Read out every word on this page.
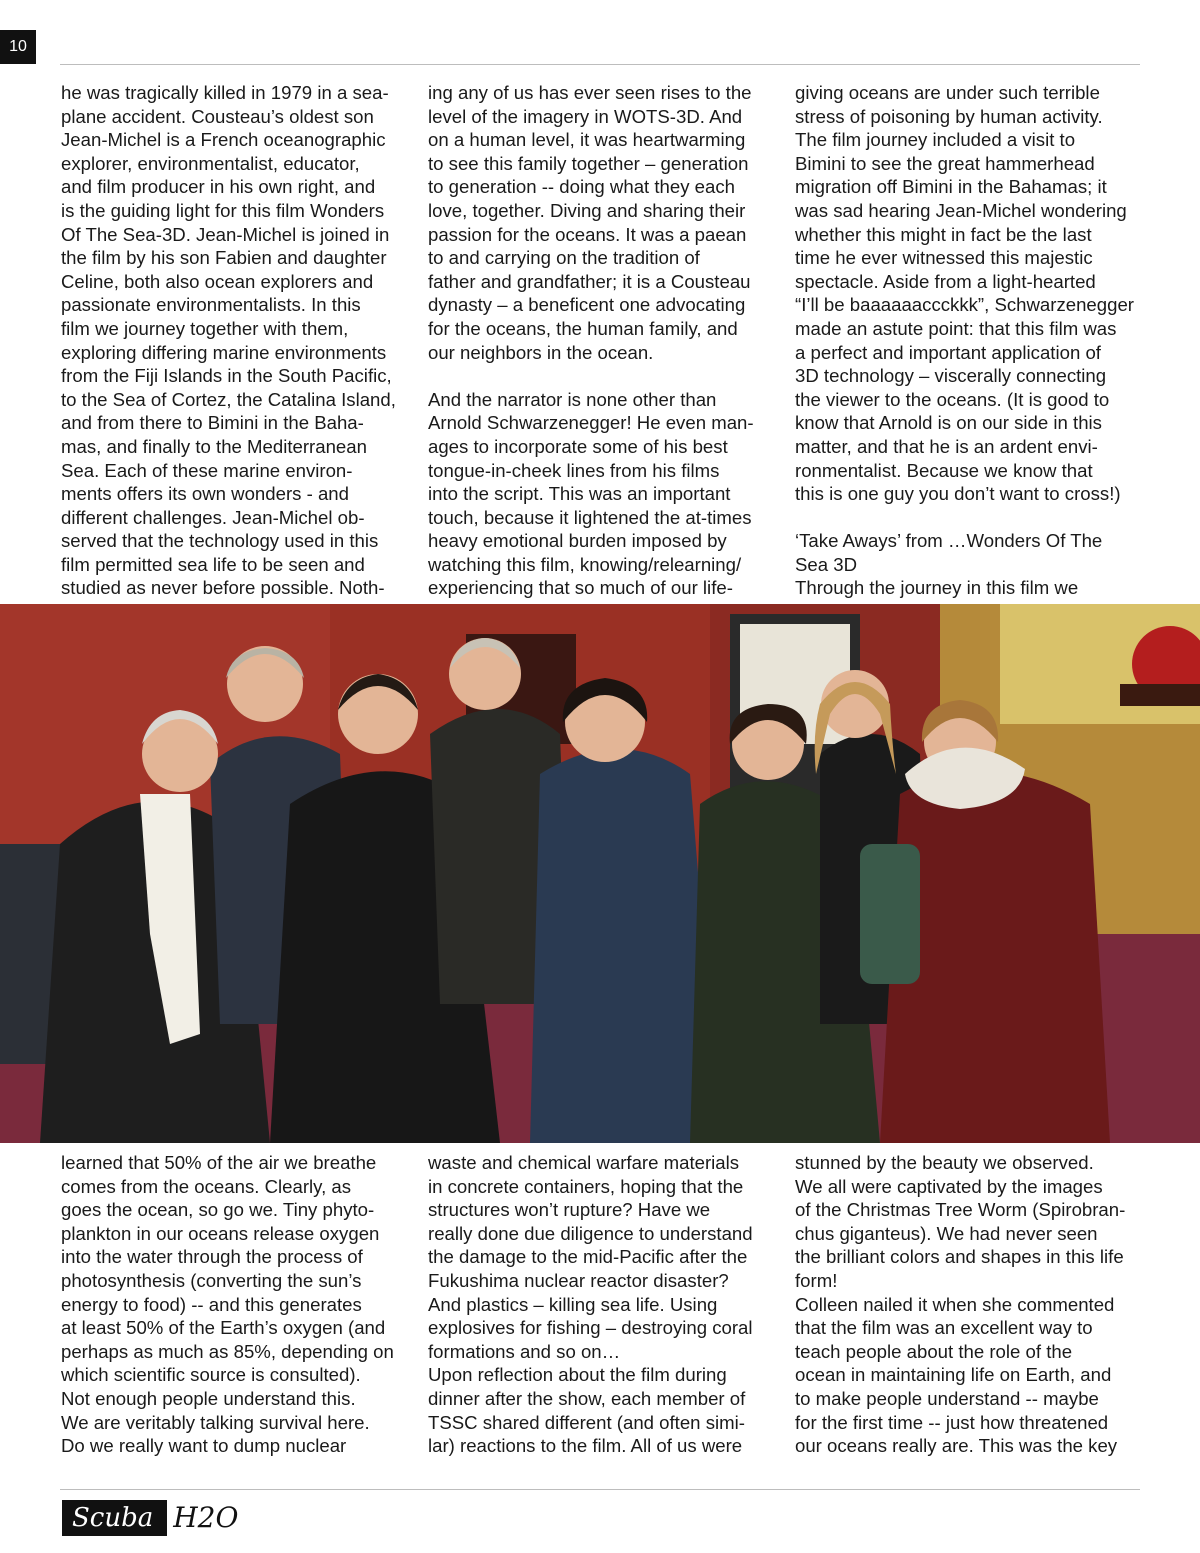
10
he was tragically killed in 1979 in a sea-
plane accident. Cousteau’s oldest son
Jean-Michel is a French oceanographic
explorer, environmentalist, educator,
and film producer in his own right, and
is the guiding light for this film Wonders
Of The Sea-3D. Jean-Michel is joined in
the film by his son Fabien and daughter
Celine, both also ocean explorers and
passionate environmentalists. In this
film we journey together with them,
exploring differing marine environments
from the Fiji Islands in the South Pacific,
to the Sea of Cortez, the Catalina Island,
and from there to Bimini in the Baha-
mas, and finally to the Mediterranean
Sea. Each of these marine environ-
ments offers its own wonders - and
different challenges. Jean-Michel ob-
served that the technology used in this
film permitted sea life to be seen and
studied as never before possible. Noth-
ing any of us has ever seen rises to the
level of the imagery in WOTS-3D. And
on a human level, it was heartwarming
to see this family together – generation
to generation -- doing what they each
love, together. Diving and sharing their
passion for the oceans. It was a paean
to and carrying on the tradition of
father and grandfather; it is a Cousteau
dynasty – a beneficent one advocating
for the oceans, the human family, and
our neighbors in the ocean.

And the narrator is none other than
Arnold Schwarzenegger! He even man-
ages to incorporate some of his best
tongue-in-cheek lines from his films
into the script. This was an important
touch, because it lightened the at-times
heavy emotional burden imposed by
watching this film, knowing/relearning/
experiencing that so much of our life-
giving oceans are under such terrible
stress of poisoning by human activity.
The film journey included a visit to
Bimini to see the great hammerhead
migration off Bimini in the Bahamas; it
was sad hearing Jean-Michel wondering
whether this might in fact be the last
time he ever witnessed this majestic
spectacle. Aside from a light-hearted
“I’ll be baaaaaaccckkk”, Schwarzenegger
made an astute point: that this film was
a perfect and important application of
3D technology – viscerally connecting
the viewer to the oceans. (It is good to
know that Arnold is on our side in this
matter, and that he is an ardent envi-
ronmentalist. Because we know that
this is one guy you don’t want to cross!)

‘Take Aways’ from …Wonders Of The
Sea 3D
Through the journey in this film we
learned that 50% of the air we breathe
comes from the oceans. Clearly, as
goes the ocean, so go we. Tiny phyto-
plankton in our oceans release oxygen
into the water through the process of
photosynthesis (converting the sun’s
energy to food) -- and this generates
at least 50% of the Earth’s oxygen (and
perhaps as much as 85%, depending on
which scientific source is consulted).
Not enough people understand this.
We are veritably talking survival here.
Do we really want to dump nuclear
waste and chemical warfare materials
in concrete containers, hoping that the
structures won’t rupture? Have we
really done due diligence to understand
the damage to the mid-Pacific after the
Fukushima nuclear reactor disaster?
And plastics – killing sea life. Using
explosives for fishing – destroying coral
formations and so on…
Upon reflection about the film during
dinner after the show, each member of
TSSC shared different (and often simi-
lar) reactions to the film. All of us were
stunned by the beauty we observed.
We all were captivated by the images
of the Christmas Tree Worm (Spirobran-
chus giganteus). We had never seen
the brilliant colors and shapes in this life
form!
Colleen nailed it when she commented
that the film was an excellent way to
teach people about the role of the
ocean in maintaining life on Earth, and
to make people understand -- maybe
for the first time -- just how threatened
our oceans really are. This was the key
Scuba H2O
